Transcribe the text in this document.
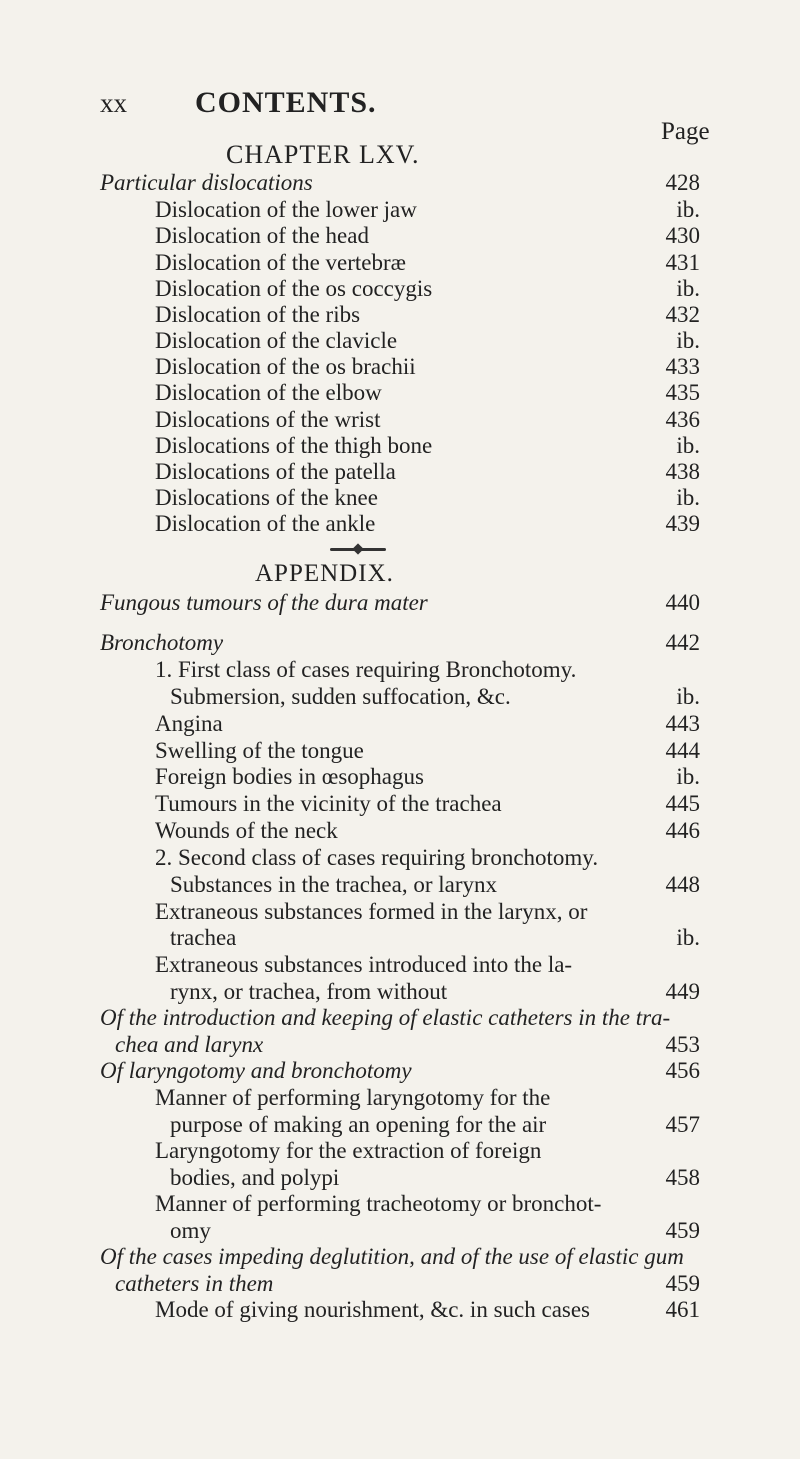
xx CONTENTS.
Page
CHAPTER LXV.
APPENDIX.
Particular dislocations	428
Dislocation of the lower jaw	ib.
Dislocation of the head	430
Dislocation of the vertebræ	431
Dislocation of the os coccygis	ib.
Dislocation of the ribs	432
Dislocation of the clavicle	ib.
Dislocation of the os brachii	433
Dislocation of the elbow	435
Dislocations of the wrist	436
Dislocations of the thigh bone	ib.
Dislocations of the patella	438
Dislocations of the knee	ib.
Dislocation of the ankle	439
Fungous tumours of the dura mater	440
Bronchotomy	442
1. First class of cases requiring Bronchotomy.
Submersion, sudden suffocation, &c.	ib.
Angina	443
Swelling of the tongue	444
Foreign bodies in œsophagus	ib.
Tumours in the vicinity of the trachea	445
Wounds of the neck	446
2. Second class of cases requiring bronchotomy.
Substances in the trachea, or larynx	448
Extraneous substances formed in the larynx, or
trachea	ib.
Extraneous substances introduced into the la-
rynx, or trachea, from without	449
Of the introduction and keeping of elastic catheters in the tra-
chea and larynx	453
Of laryngotomy and bronchotomy	456
Manner of performing laryngotomy for the
purpose of making an opening for the air	457
Laryngotomy for the extraction of foreign
bodies, and polypi	458
Manner of performing tracheotomy or bronchot-
omy	459
Of the cases impeding deglutition, and of the use of elastic gum
catheters in them	459
Mode of giving nourishment, &c. in such cases	461
